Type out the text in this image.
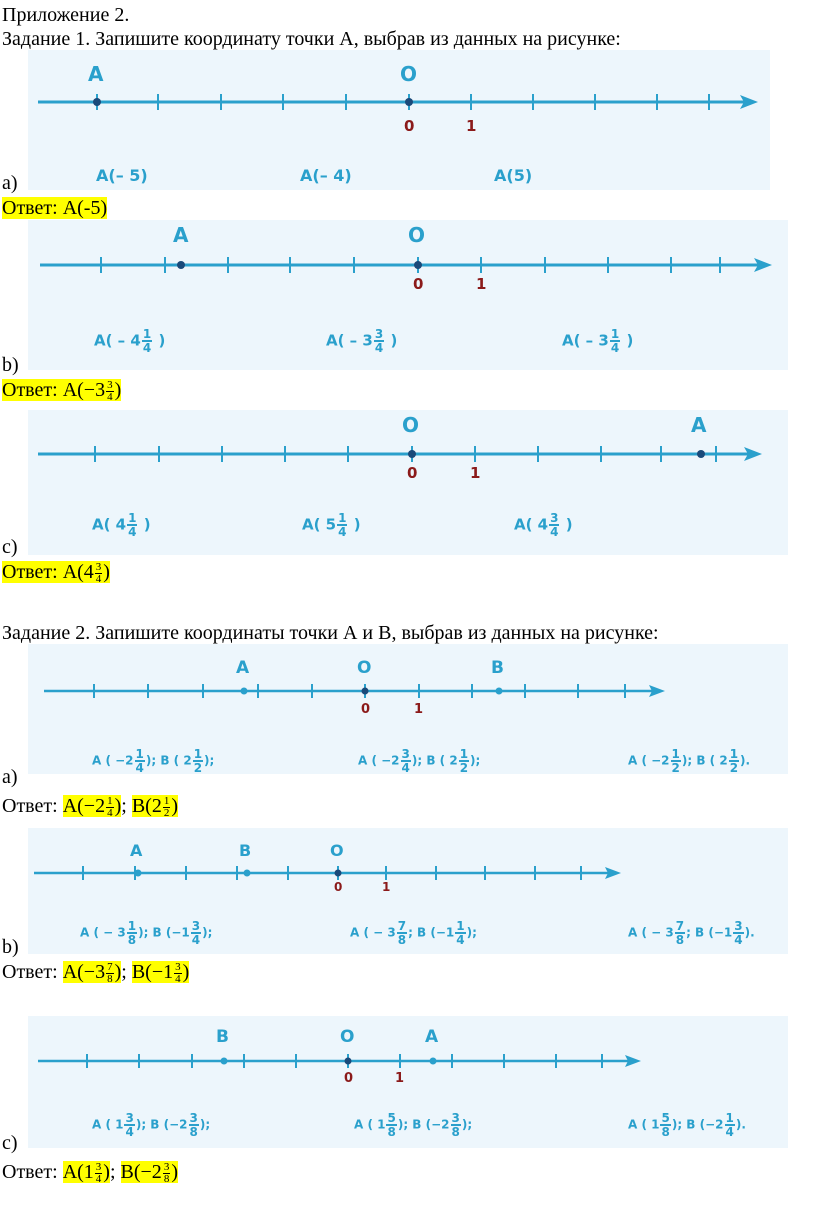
Приложение 2.
Задание 1. Запишите координату точки А, выбрав из данных на рисунке:
A	O
0	1
A(– 5)	A(– 4)	A(5)
a)
Ответ: A(-5)
A	O
0	1
$A( - 4 \frac{1}{4}$ )	$A( - 3 \frac{3}{4}$ )	$A( - 3 \frac{1}{4}$ )
b)
Ответ: $A(-3 \frac{3}{4}$ )
A
O
0	1
A( $4 \frac{1}{4}$ )	A( $5 \frac{1}{4}$ )	A( $4 \frac{3}{4}$ )
c)
Ответ: $A(4 \frac{3}{4}$ )
Задание 2. Запишите координаты точки А и В, выбрав из данных на рисунке:
A	O	B
0	1
A ( $-2 \frac{1}{4}$ ); B ( $2 \frac{1}{2}$ );	A ( $-2 \frac{3}{4}$ ); B ( $2 \frac{1}{2}$ );	A ( $-2 \frac{1}{2}$ ); B ( $2 \frac{1}{2}$ ).
a)
Ответ: $A(-2 \frac{1}{4}$ ); $B(2 \frac{1}{2}$ )
A	B	O
0	1
A ( − $3 \frac{1}{8}$ ); B ($-1 \frac{3}{4}$ );	A ( − $3 \frac{7}{8}$ ; B ($-1 \frac{1}{4}$ );	A ( − $3 \frac{7}{8}$ ; B ($-1 \frac{3}{4}$ ).
b)
Ответ: $A(-3 \frac{7}{8}$ ); $B(-1 \frac{3}{4}$ )
B	O	A
0	1
A ( $1 \frac{3}{4}$ ); B ($-2 \frac{3}{8}$ );	A ( $1 \frac{5}{8}$ ); B ($-2 \frac{3}{8}$ );	A ( $1 \frac{5}{8}$ ); B ($-2 \frac{1}{4}$ ).
c)
Ответ: $A(1 \frac{3}{4}$ ); $B(-2 \frac{3}{8}$ )
